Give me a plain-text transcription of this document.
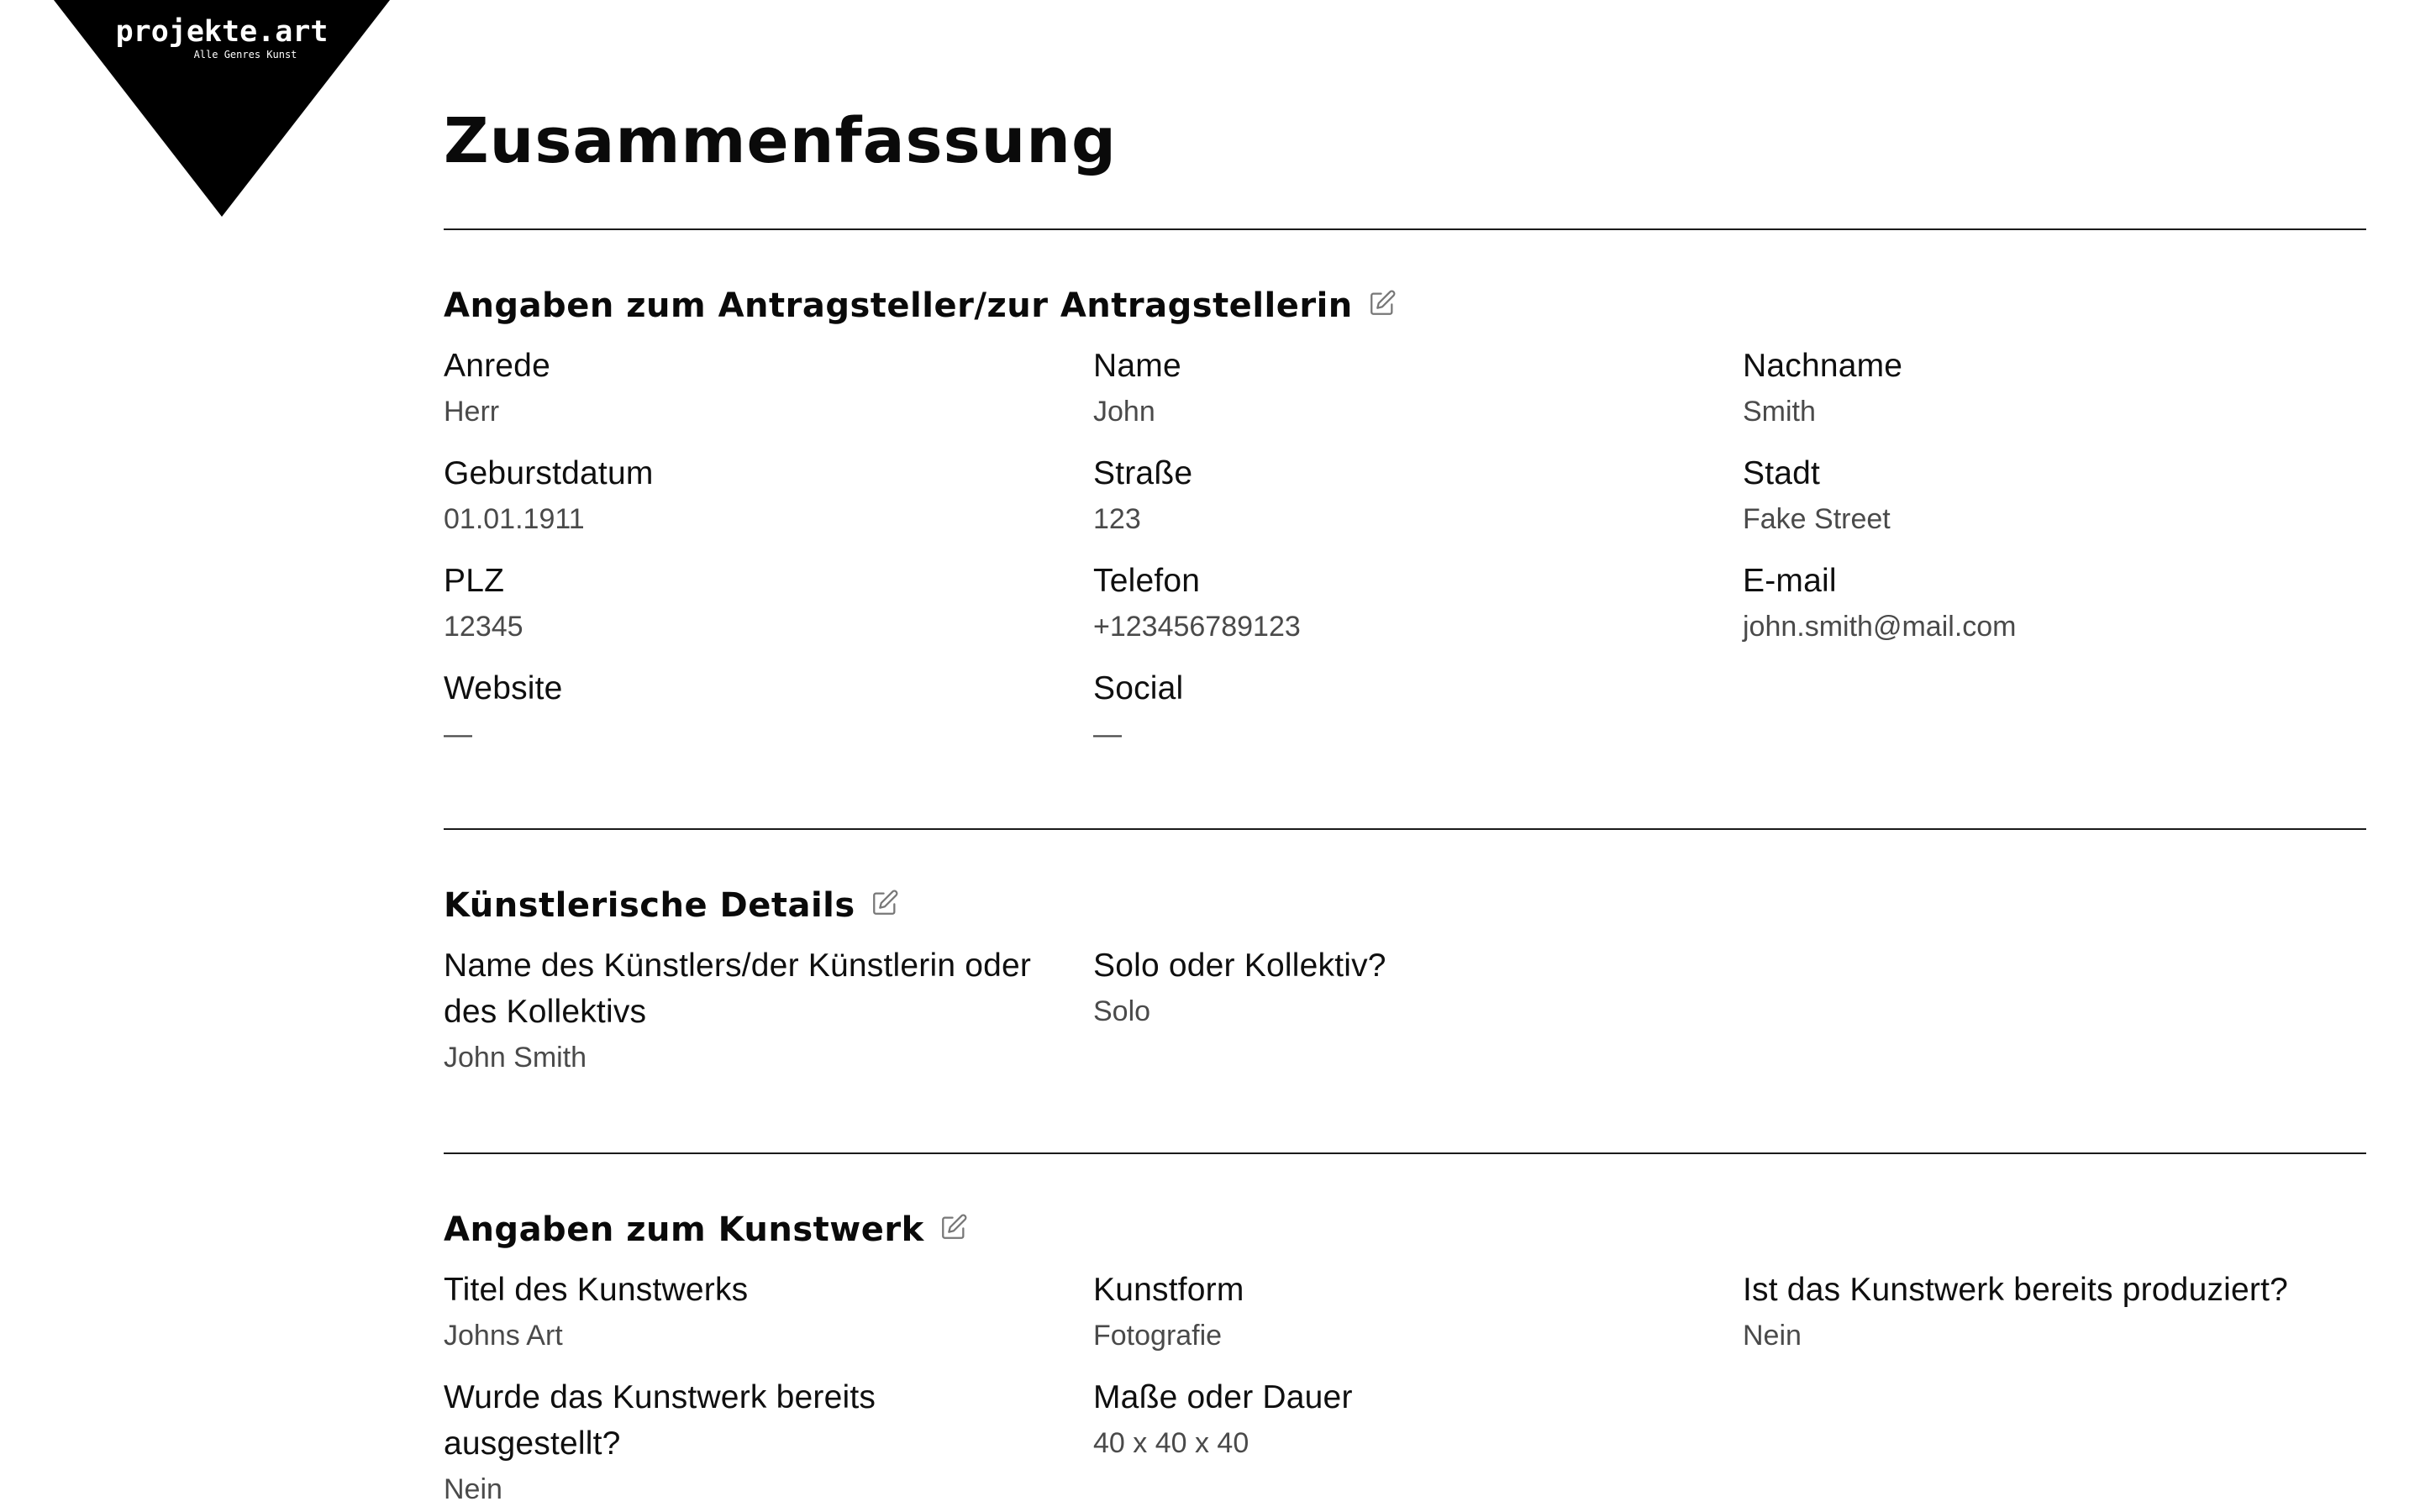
projekte.art
Alle Genres Kunst
Zusammenfassung
Angaben zum Antragsteller/zur Antragstellerin
Anrede
Herr
Name
John
Nachname
Smith
Geburstdatum
01.01.1911
Straße
123
Stadt
Fake Street
PLZ
12345
Telefon
+123456789123
E-mail
john.smith@mail.com
Website
—
Social
—
Künstlerische Details
Name des Künstlers/der Künstlerin oder des Kollektivs
John Smith
Solo oder Kollektiv?
Solo
Angaben zum Kunstwerk
Titel des Kunstwerks
Johns Art
Kunstform
Fotografie
Ist das Kunstwerk bereits produziert?
Nein
Wurde das Kunstwerk bereits ausgestellt?
Nein
Maße oder Dauer
40 x 40 x 40
